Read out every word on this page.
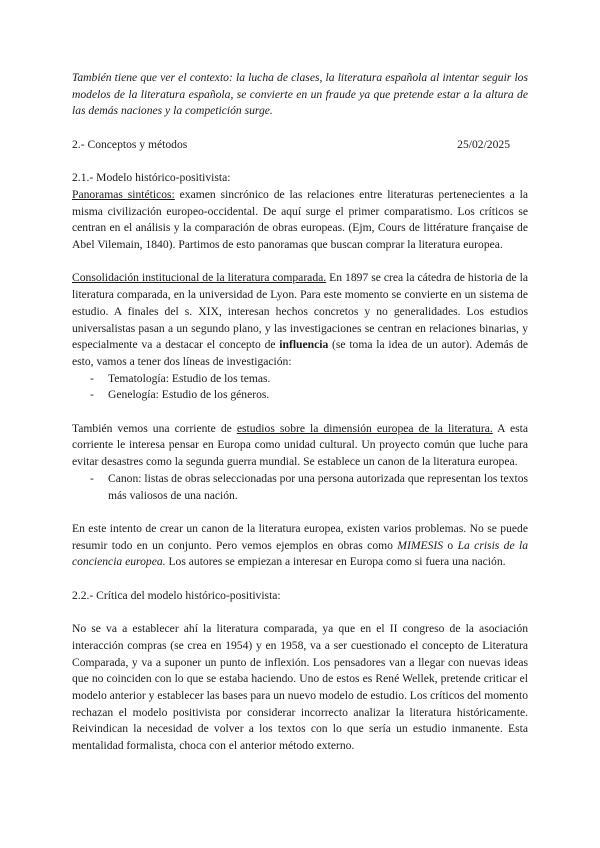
También tiene que ver el contexto: la lucha de clases, la literatura española al intentar seguir los modelos de la literatura española, se convierte en un fraude ya que pretende estar a la altura de las demás naciones y la competición surge.

2.- Conceptos y métodos	25/02/2025

2.1.- Modelo histórico-positivista:

Panoramas sintéticos: examen sincrónico de las relaciones entre literaturas pertenecientes a la misma civilización europeo-occidental. De aquí surge el primer comparatismo. Los críticos se centran en el análisis y la comparación de obras europeas. (Ejm, Cours de littérature française de Abel Vilemain, 1840). Partimos de esto panoramas que buscan comprar la literatura europea.

Consolidación institucional de la literatura comparada. En 1897 se crea la cátedra de historia de la literatura comparada, en la universidad de Lyon. Para este momento se convierte en un sistema de estudio. A finales del s. XIX, interesan hechos concretos y no generalidades. Los estudios universalistas pasan a un segundo plano, y las investigaciones se centran en relaciones binarias, y especialmente va a destacar el concepto de influencia (se toma la idea de un autor). Además de esto, vamos a tener dos líneas de investigación:

- Tematología: Estudio de los temas.
- Genelogía: Estudio de los géneros.

También vemos una corriente de estudios sobre la dimensión europea de la literatura. A esta corriente le interesa pensar en Europa como unidad cultural. Un proyecto común que luche para evitar desastres como la segunda guerra mundial. Se establece un canon de la literatura europea.

- Canon: listas de obras seleccionadas por una persona autorizada que representan los textos más valiosos de una nación.

En este intento de crear un canon de la literatura europea, existen varios problemas. No se puede resumir todo en un conjunto. Pero vemos ejemplos en obras como MIMESIS o La crisis de la conciencia europea. Los autores se empiezan a interesar en Europa como si fuera una nación.

2.2.- Crítica del modelo histórico-positivista:

No se va a establecer ahí la literatura comparada, ya que en el II congreso de la asociación interacción compras (se crea en 1954) y en 1958, va a ser cuestionado el concepto de Literatura Comparada, y va a suponer un punto de inflexión. Los pensadores van a llegar con nuevas ideas que no coinciden con lo que se estaba haciendo. Uno de estos es René Wellek, pretende criticar el modelo anterior y establecer las bases para un nuevo modelo de estudio. Los críticos del momento rechazan el modelo positivista por considerar incorrecto analizar la literatura históricamente. Reivindican la necesidad de volver a los textos con lo que sería un estudio inmanente. Esta mentalidad formalista, choca con el anterior método externo.
